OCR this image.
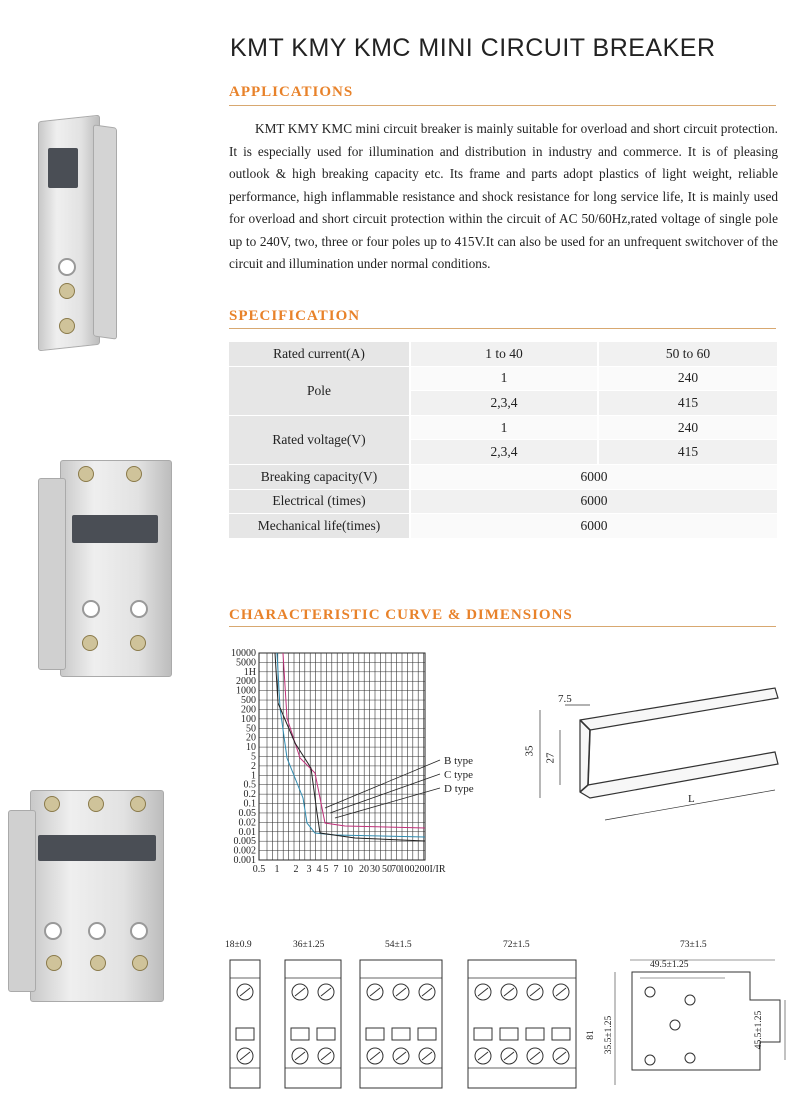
KMT KMY KMC MINI CIRCUIT BREAKER
APPLICATIONS
KMT KMY KMC mini circuit breaker is mainly suitable for overload and short circuit protection. It is especially used for illumination and distribution in industry and commerce. It is of pleasing outlook & high breaking capacity etc. Its frame and parts adopt plastics of light weight, reliable performance, high inflammable resistance and shock resistance for long service life, It is mainly used for overload and short circuit protection within the circuit of AC 50/60Hz,rated voltage of single pole up to 240V, two, three or four poles up to 415V.It can also be used for an unfrequent switchover of the circuit and illumination under normal conditions.
SPECIFICATION
Rated current(A)	1 to 40	50 to 60
Pole	1	240
	2,3,4	415
Rated voltage(V)	1	240
	2,3,4	415
Breaking capacity(V)	6000	
Electrical (times)	6000	
Mechanical life(times)	6000	
CHARACTERISTIC CURVE & DIMENSIONS
10000
5000
1H
2000
1000
500
200
100
50
20
10
5
2
1
0.5
0.2
0.1
0.05
0.02
0.01
0.005
0.002
0.001
0.5 1 2 3 4 5 7 10 20 30 50 70
100 200I/IR
B type
C type
D type
7.5
35
27
L
18±0.9	36±1.25	54±1.5	72±1.5	73±1.5
49.5±1.25
81 35.5±1.25	45.5±1.25
